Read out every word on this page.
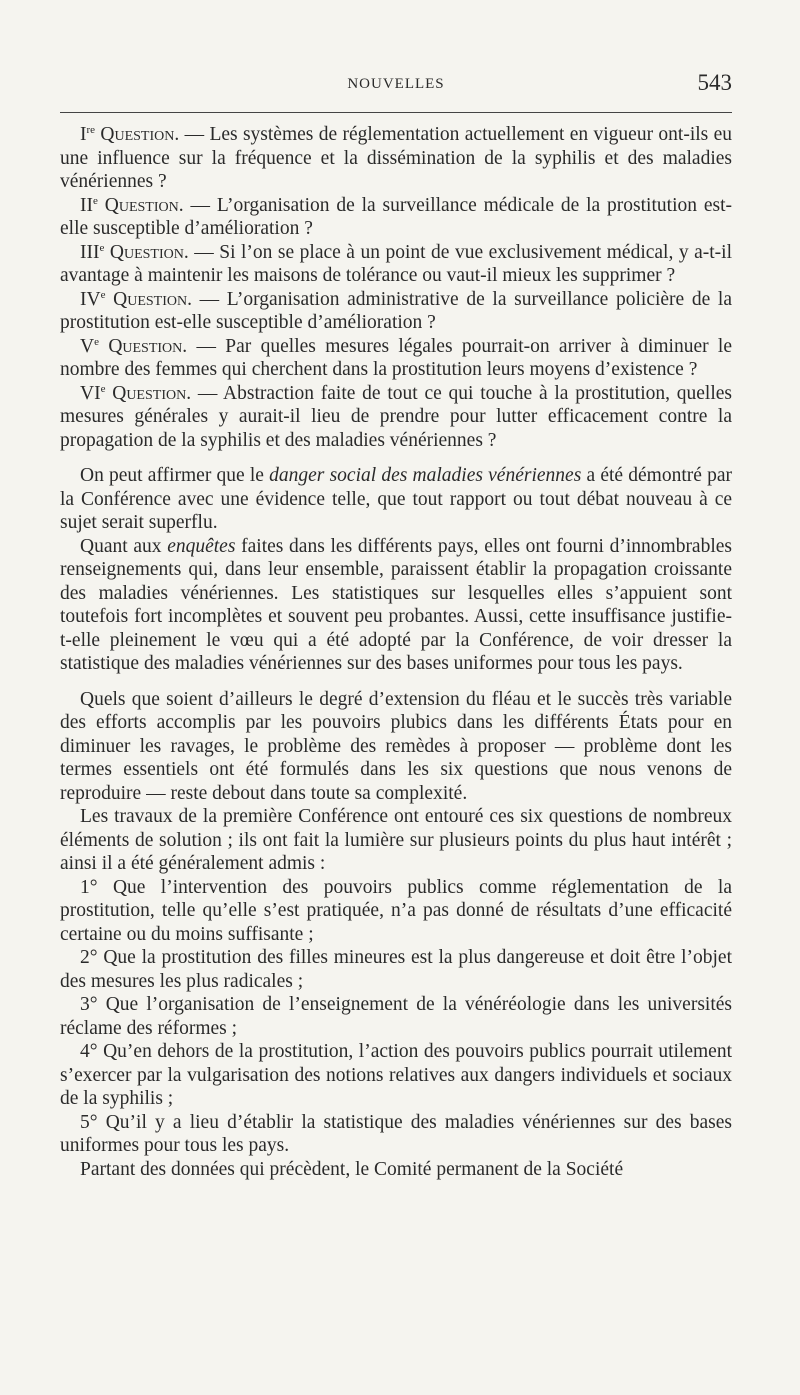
NOUVELLES	543

Ire Question. — Les systèmes de réglementation actuellement en vigueur ont-ils eu une influence sur la fréquence et la dissémination de la syphilis et des maladies vénériennes ?

IIe Question. — L’organisation de la surveillance médicale de la prostitution est-elle susceptible d’amélioration ?

IIIe Question. — Si l’on se place à un point de vue exclusivement médical, y a-t-il avantage à maintenir les maisons de tolérance ou vaut-il mieux les supprimer ?

IVe Question. — L’organisation administrative de la surveillance policière de la prostitution est-elle susceptible d’amélioration ?

Ve Question. — Par quelles mesures légales pourrait-on arriver à diminuer le nombre des femmes qui cherchent dans la prostitution leurs moyens d’existence ?

VIe Question. — Abstraction faite de tout ce qui touche à la prostitution, quelles mesures générales y aurait-il lieu de prendre pour lutter efficacement contre la propagation de la syphilis et des maladies vénériennes ?

On peut affirmer que le danger social des maladies vénériennes a été démontré par la Conférence avec une évidence telle, que tout rapport ou tout débat nouveau à ce sujet serait superflu.

Quant aux enquêtes faites dans les différents pays, elles ont fourni d’innombrables renseignements qui, dans leur ensemble, paraissent établir la propagation croissante des maladies vénériennes. Les statistiques sur lesquelles elles s’appuient sont toutefois fort incomplètes et souvent peu probantes. Aussi, cette insuffisance justifie-t-elle pleinement le vœu qui a été adopté par la Conférence, de voir dresser la statistique des maladies vénériennes sur des bases uniformes pour tous les pays.

Quels que soient d’ailleurs le degré d’extension du fléau et le succès très variable des efforts accomplis par les pouvoirs plubics dans les différents États pour en diminuer les ravages, le problème des remèdes à proposer — problème dont les termes essentiels ont été formulés dans les six questions que nous venons de reproduire — reste debout dans toute sa complexité.

Les travaux de la première Conférence ont entouré ces six questions de nombreux éléments de solution ; ils ont fait la lumière sur plusieurs points du plus haut intérêt ; ainsi il a été généralement admis :

1° Que l’intervention des pouvoirs publics comme réglementation de la prostitution, telle qu’elle s’est pratiquée, n’a pas donné de résultats d’une efficacité certaine ou du moins suffisante ;

2° Que la prostitution des filles mineures est la plus dangereuse et doit être l’objet des mesures les plus radicales ;

3° Que l’organisation de l’enseignement de la vénéréologie dans les universités réclame des réformes ;

4° Qu’en dehors de la prostitution, l’action des pouvoirs publics pourrait utilement s’exercer par la vulgarisation des notions relatives aux dangers individuels et sociaux de la syphilis ;

5° Qu’il y a lieu d’établir la statistique des maladies vénériennes sur des bases uniformes pour tous les pays.

Partant des données qui précèdent, le Comité permanent de la Société
